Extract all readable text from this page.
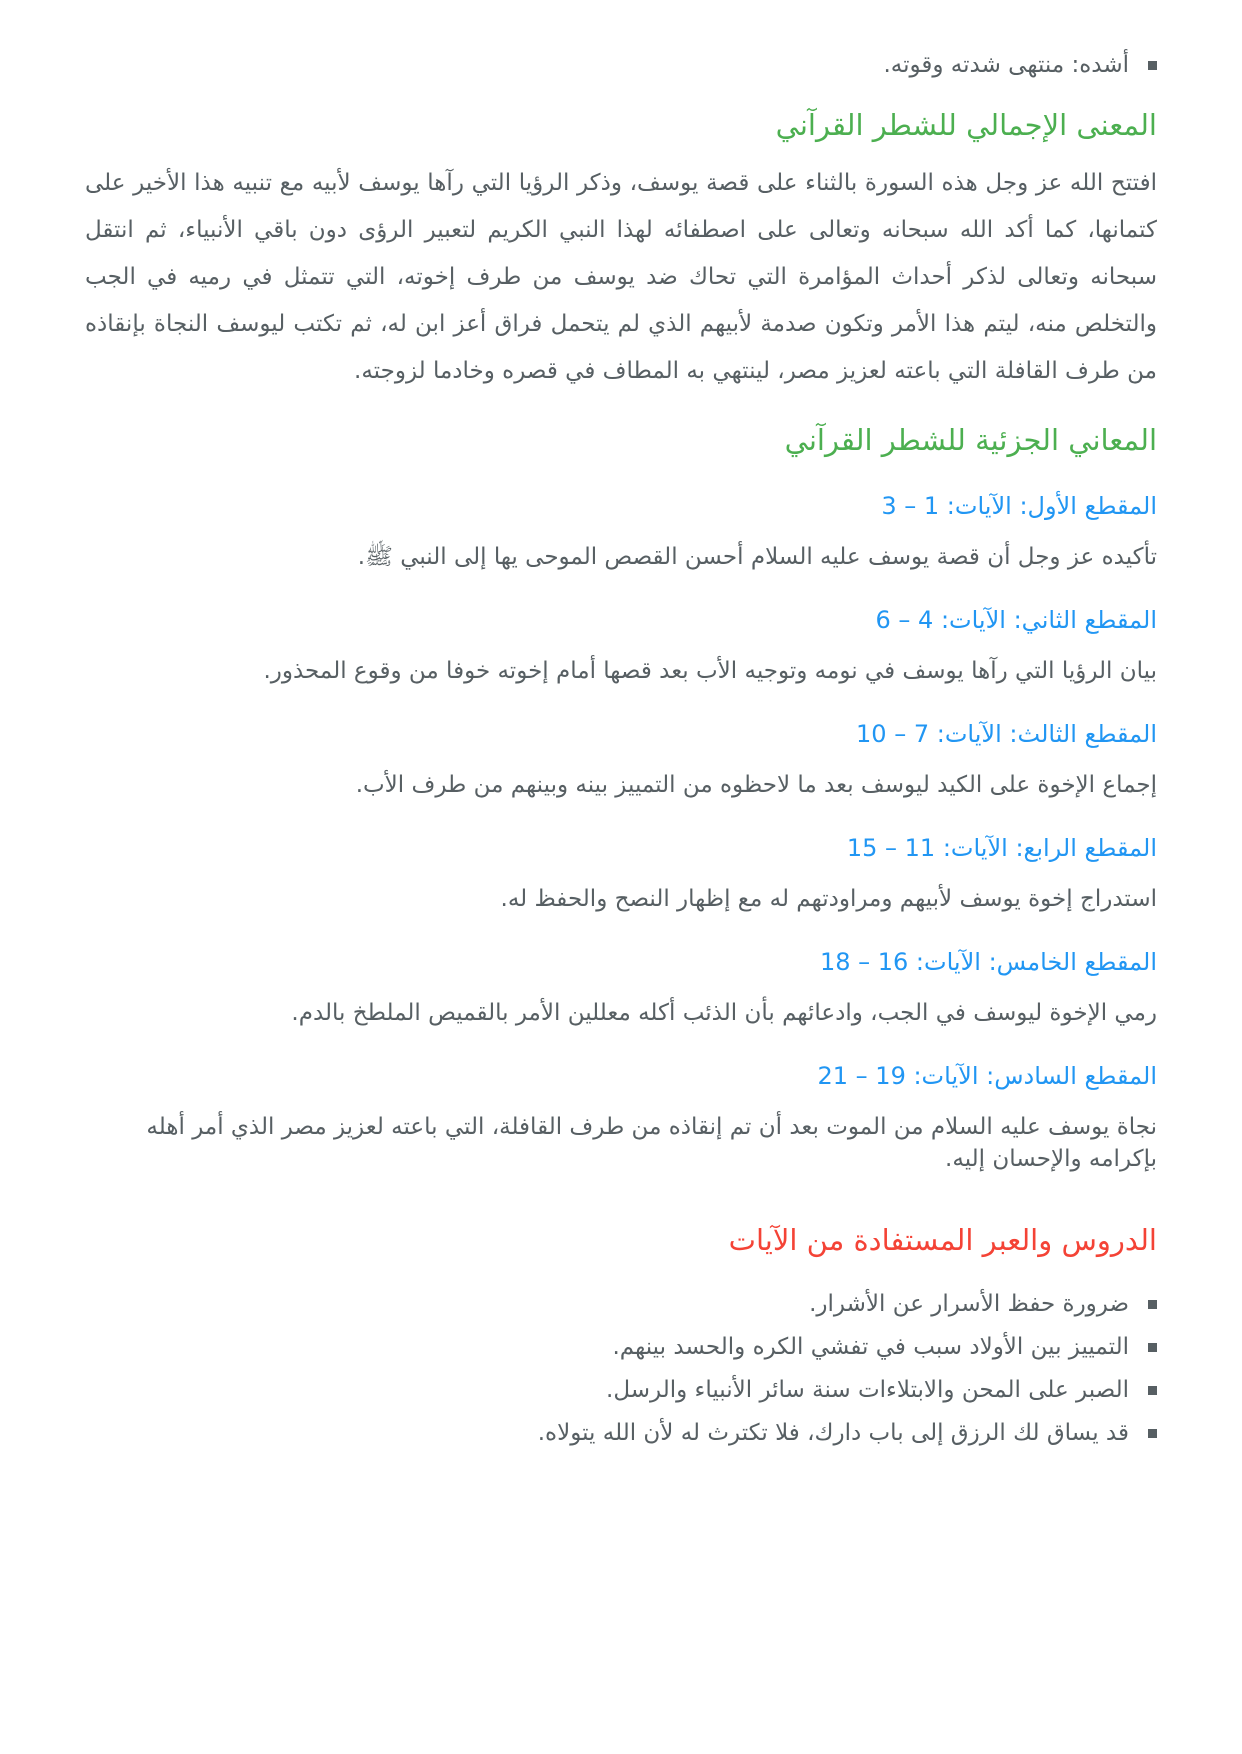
أشده: منتهى شدته وقوته.
المعنى الإجمالي للشطر القرآني

افتتح الله عز وجل هذه السورة بالثناء على قصة يوسف، وذكر الرؤيا التي رآها يوسف لأبيه مع تنبيه هذا الأخير على كتمانها، كما أكد الله سبحانه وتعالى على اصطفائه لهذا النبي الكريم لتعبير الرؤى دون باقي الأنبياء، ثم انتقل سبحانه وتعالى لذكر أحداث المؤامرة التي تحاك ضد يوسف من طرف إخوته، التي تتمثل في رميه في الجب والتخلص منه، ليتم هذا الأمر وتكون صدمة لأبيهم الذي لم يتحمل فراق أعز ابن له، ثم تكتب ليوسف النجاة بإنقاذه من طرف القافلة التي باعته لعزيز مصر، لينتهي به المطاف في قصره وخادما لزوجته.

المعاني الجزئية للشطر القرآني
المقطع الأول: الآيات: 1 – 3

تأكيده عز وجل أن قصة يوسف عليه السلام أحسن القصص الموحى يها إلى النبي ﷺ.

المقطع الثاني: الآيات: 4 – 6

بيان الرؤيا التي رآها يوسف في نومه وتوجيه الأب بعد قصها أمام إخوته خوفا من وقوع المحذور.

المقطع الثالث: الآيات: 7 – 10

إجماع الإخوة على الكيد ليوسف بعد ما لاحظوه من التمييز بينه وبينهم من طرف الأب.

المقطع الرابع: الآيات: 11 – 15

استدراج إخوة يوسف لأبيهم ومراودتهم له مع إظهار النصح والحفظ له.

المقطع الخامس: الآيات: 16 – 18

رمي الإخوة ليوسف في الجب، وادعائهم بأن الذئب أكله معللين الأمر بالقميص الملطخ بالدم.

المقطع السادس: الآيات: 19 – 21

نجاة يوسف عليه السلام من الموت بعد أن تم إنقاذه من طرف القافلة، التي باعته لعزيز مصر الذي أمر أهله بإكرامه والإحسان إليه.

الدروس والعبر المستفادة من الآيات
ضرورة حفظ الأسرار عن الأشرار.
التمييز بين الأولاد سبب في تفشي الكره والحسد بينهم.
الصبر على المحن والابتلاءات سنة سائر الأنبياء والرسل.
قد يساق لك الرزق إلى باب دارك، فلا تكترث له لأن الله يتولاه.
